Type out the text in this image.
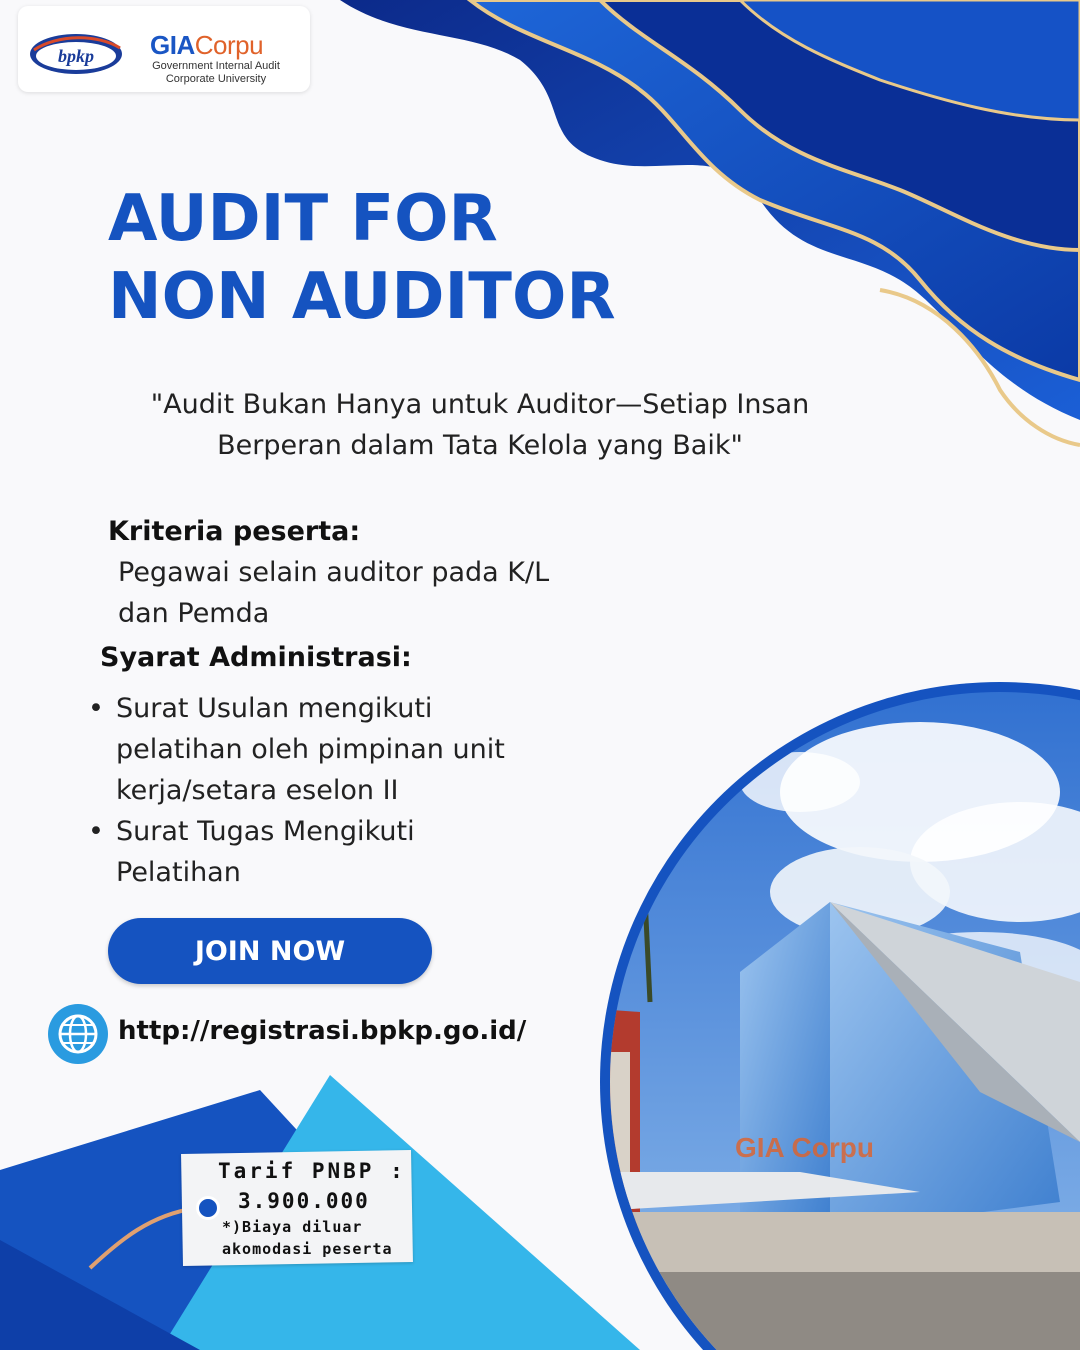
GIA Corpu
bpkp GIACorpu
Government Internal Audit
Corporate University
AUDIT FOR
NON AUDITOR
"Audit Bukan Hanya untuk Auditor—Setiap Insan
Berperan dalam Tata Kelola yang Baik"
Kriteria peserta:
Pegawai selain auditor pada K/L
dan Pemda
Syarat Administrasi:
• Surat Usulan mengikuti
pelatihan oleh pimpinan unit
kerja/setara eselon II
• Surat Tugas Mengikuti
Pelatihan
JOIN NOW
http://registrasi.bpkp.go.id/
Tarif PNBP :
3.900.000
*)Biaya diluar
akomodasi peserta
